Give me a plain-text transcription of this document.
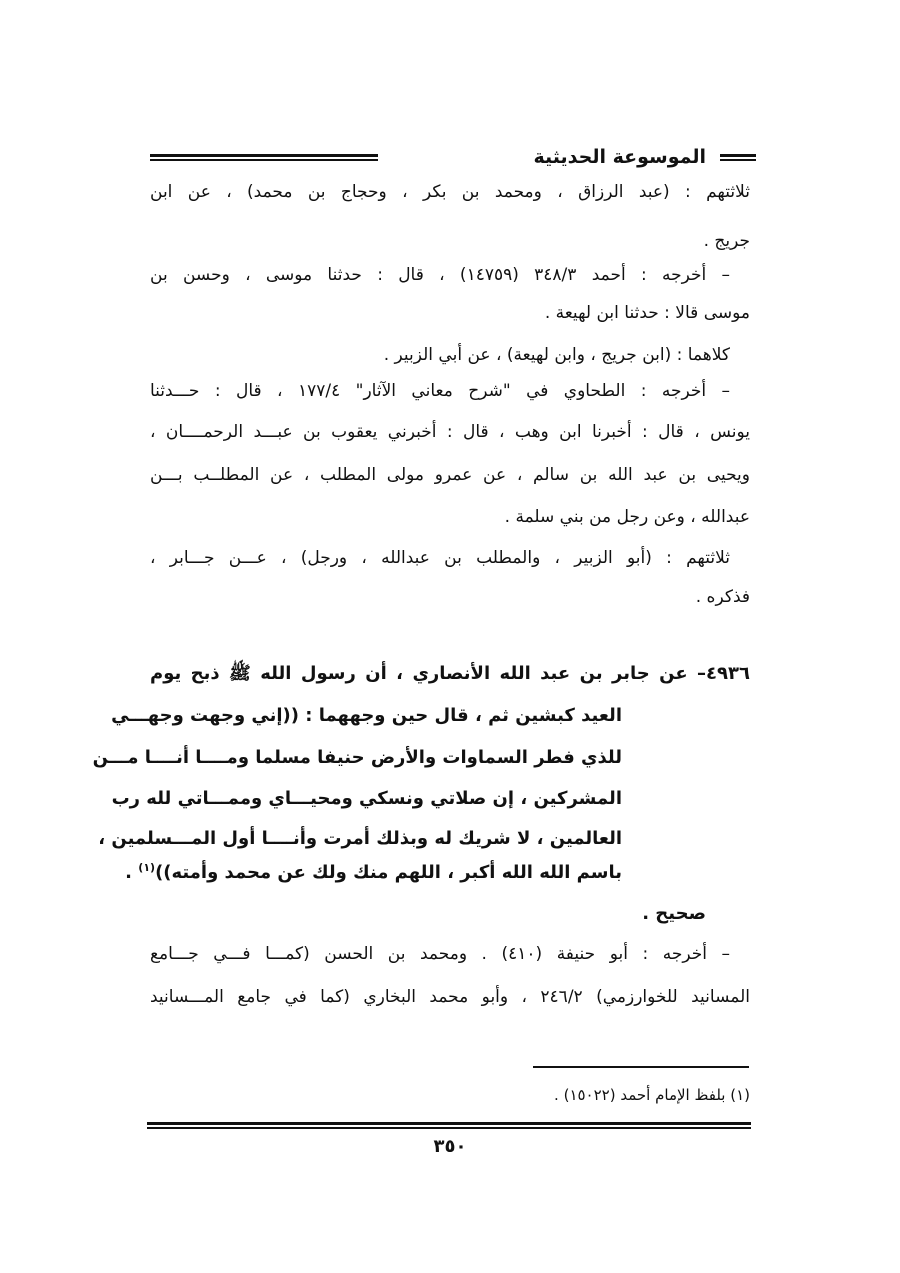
الموسوعة الحديثية
ثلاثتهم : (عبد الرزاق ، ومحمد بن بكر ، وحجاج بن محمد) ، عن ابن
جريج .
– أخرجه : أحمد ٣٤٨/٣ (١٤٧٥٩) ، قال : حدثنا موسى ، وحسن بن
موسى قالا : حدثنا ابن لهيعة .
كلاهما : (ابن جريج ، وابن لهيعة) ، عن أبي الزبير .
– أخرجه : الطحاوي في "شرح معاني الآثار" ١٧٧/٤ ، قال : حـــدثنا
يونس ، قال : أخبرنا ابن وهب ، قال : أخبرني يعقوب بن عبـــد الرحمــــان ،
ويحيى بن عبد الله بن سالم ، عن عمرو مولى المطلب ، عن المطلــب بـــن
عبدالله ، وعن رجل من بني سلمة .
ثلاثتهم : (أبو الزبير ، والمطلب بن عبدالله ، ورجل) ، عـــن جـــابر ،
فذكره .
٤٩٣٦– عن جابر بن عبد الله الأنصاري ، أن رسول الله ﷺ ذبح يوم
العيد كبشين ثم ، قال حين وجههما : ((إني وجهت وجهـــي
للذي فطر السماوات والأرض حنيفا مسلما ومــــا أنــــا مـــن
المشركين ، إن صلاتي ونسكي ومحيـــاي وممـــاتي لله رب
العالمين ، لا شريك له وبذلك أمرت وأنــــا أول المـــسلمين ،
باسم الله الله أكبر ، اللهم منك ولك عن محمد وأمته))$^{(١)}$ .
صحيح .
– أخرجه : أبو حنيفة (٤١٠) . ومحمد بن الحسن (كمـــا فـــي جـــامع
المسانيد للخوارزمي) ٢٤٦/٢ ، وأبو محمد البخاري (كما في جامع المـــسانيد
(١) بلفظ الإمام أحمد (١٥٠٢٢) .
٣٥٠
